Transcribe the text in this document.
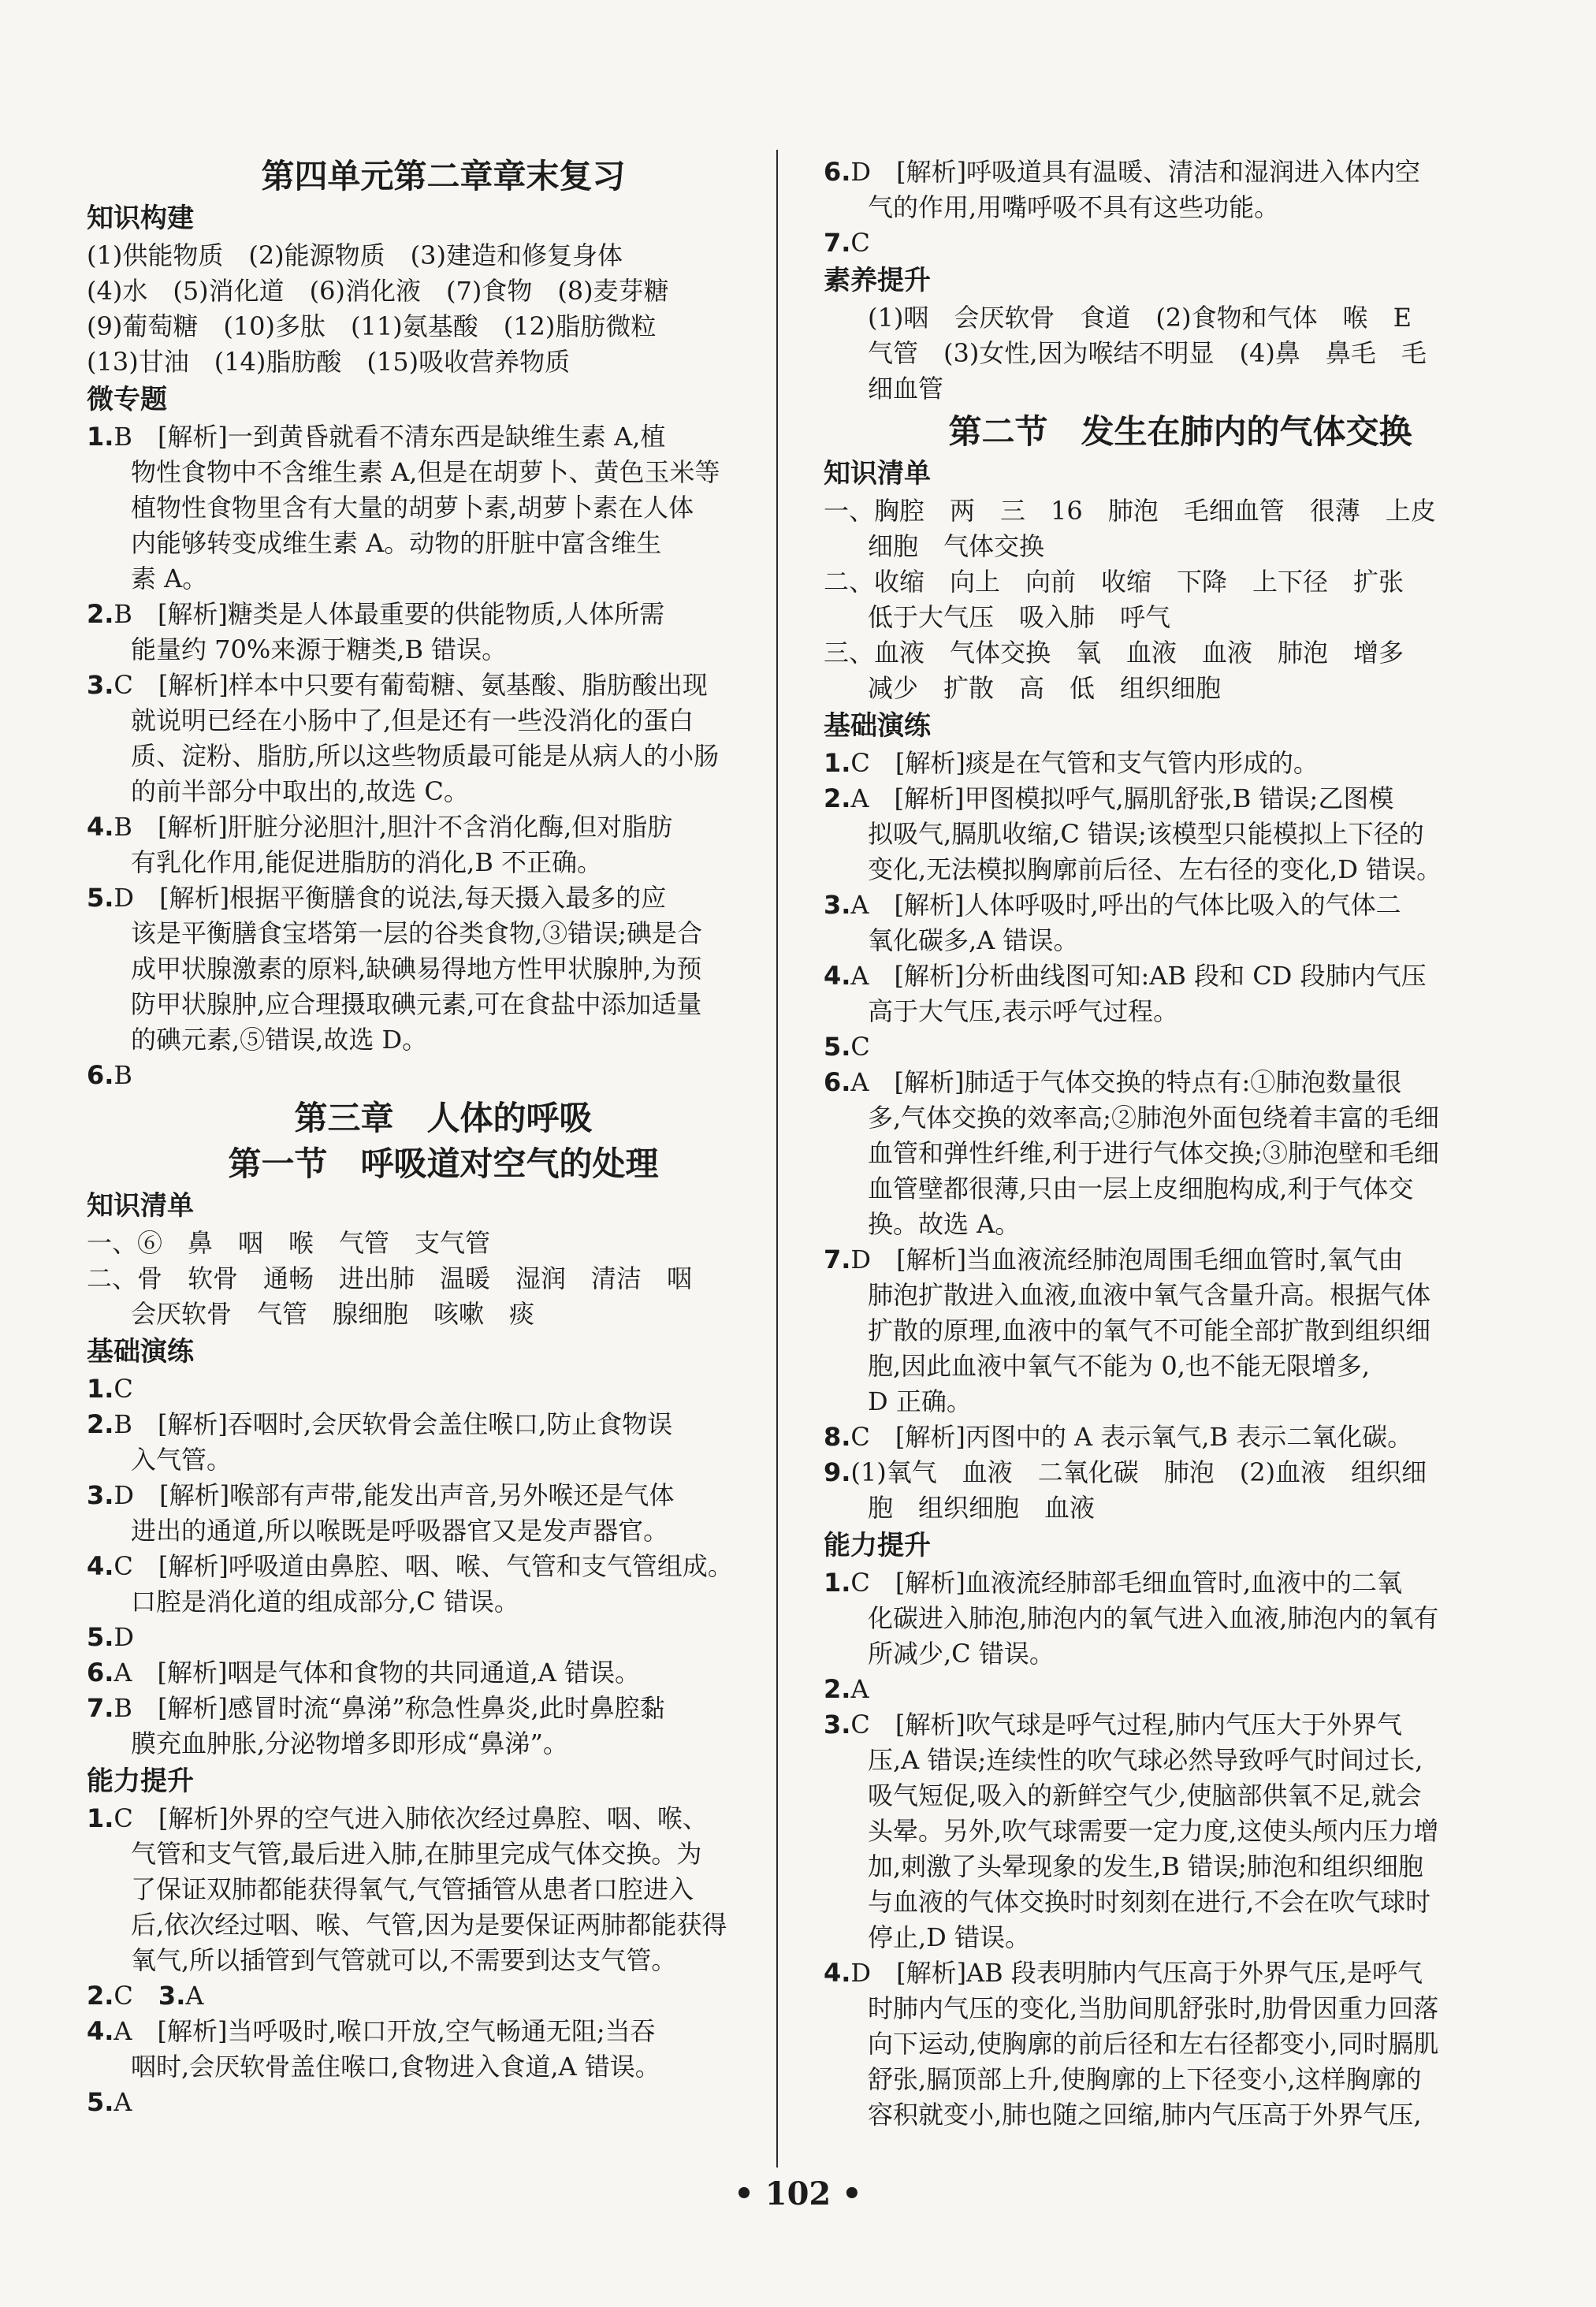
第四单元第二章章末复习
知识构建
(1)供能物质　(2)能源物质　(3)建造和修复身体
(4)水　(5)消化道　(6)消化液　(7)食物　(8)麦芽糖
(9)葡萄糖　(10)多肽　(11)氨基酸　(12)脂肪微粒
(13)甘油　(14)脂肪酸　(15)吸收营养物质
微专题
1.B　[解析]一到黄昏就看不清东西是缺维生素 A,植
物性食物中不含维生素 A,但是在胡萝卜、黄色玉米等
植物性食物里含有大量的胡萝卜素,胡萝卜素在人体
内能够转变成维生素 A。动物的肝脏中富含维生
素 A。
2.B　[解析]糖类是人体最重要的供能物质,人体所需
能量约 70%来源于糖类,B 错误。
3.C　[解析]样本中只要有葡萄糖、氨基酸、脂肪酸出现
就说明已经在小肠中了,但是还有一些没消化的蛋白
质、淀粉、脂肪,所以这些物质最可能是从病人的小肠
的前半部分中取出的,故选 C。
4.B　[解析]肝脏分泌胆汁,胆汁不含消化酶,但对脂肪
有乳化作用,能促进脂肪的消化,B 不正确。
5.D　[解析]根据平衡膳食的说法,每天摄入最多的应
该是平衡膳食宝塔第一层的谷类食物,③错误;碘是合
成甲状腺激素的原料,缺碘易得地方性甲状腺肿,为预
防甲状腺肿,应合理摄取碘元素,可在食盐中添加适量
的碘元素,⑤错误,故选 D。
6.B
第三章　人体的呼吸
第一节　呼吸道对空气的处理
知识清单
一、⑥　鼻　咽　喉　气管　支气管
二、骨　软骨　通畅　进出肺　温暖　湿润　清洁　咽
会厌软骨　气管　腺细胞　咳嗽　痰
基础演练
1.C
2.B　[解析]吞咽时,会厌软骨会盖住喉口,防止食物误
入气管。
3.D　[解析]喉部有声带,能发出声音,另外喉还是气体
进出的通道,所以喉既是呼吸器官又是发声器官。
4.C　[解析]呼吸道由鼻腔、咽、喉、气管和支气管组成。
口腔是消化道的组成部分,C 错误。
5.D
6.A　[解析]咽是气体和食物的共同通道,A 错误。
7.B　[解析]感冒时流“鼻涕”称急性鼻炎,此时鼻腔黏
膜充血肿胀,分泌物增多即形成“鼻涕”。
能力提升
1.C　[解析]外界的空气进入肺依次经过鼻腔、咽、喉、
气管和支气管,最后进入肺,在肺里完成气体交换。为
了保证双肺都能获得氧气,气管插管从患者口腔进入
后,依次经过咽、喉、气管,因为是要保证两肺都能获得
氧气,所以插管到气管就可以,不需要到达支气管。
2.C　3.A
4.A　[解析]当呼吸时,喉口开放,空气畅通无阻;当吞
咽时,会厌软骨盖住喉口,食物进入食道,A 错误。
5.A
6.D　[解析]呼吸道具有温暖、清洁和湿润进入体内空
气的作用,用嘴呼吸不具有这些功能。
7.C
素养提升
(1)咽　会厌软骨　食道　(2)食物和气体　喉　E
气管　(3)女性,因为喉结不明显　(4)鼻　鼻毛　毛
细血管
第二节　发生在肺内的气体交换
知识清单
一、胸腔　两　三　16　肺泡　毛细血管　很薄　上皮
细胞　气体交换
二、收缩　向上　向前　收缩　下降　上下径　扩张
低于大气压　吸入肺　呼气
三、血液　气体交换　氧　血液　血液　肺泡　增多
减少　扩散　高　低　组织细胞
基础演练
1.C　[解析]痰是在气管和支气管内形成的。
2.A　[解析]甲图模拟呼气,膈肌舒张,B 错误;乙图模
拟吸气,膈肌收缩,C 错误;该模型只能模拟上下径的
变化,无法模拟胸廓前后径、左右径的变化,D 错误。
3.A　[解析]人体呼吸时,呼出的气体比吸入的气体二
氧化碳多,A 错误。
4.A　[解析]分析曲线图可知:AB 段和 CD 段肺内气压
高于大气压,表示呼气过程。
5.C
6.A　[解析]肺适于气体交换的特点有:①肺泡数量很
多,气体交换的效率高;②肺泡外面包绕着丰富的毛细
血管和弹性纤维,利于进行气体交换;③肺泡壁和毛细
血管壁都很薄,只由一层上皮细胞构成,利于气体交
换。故选 A。
7.D　[解析]当血液流经肺泡周围毛细血管时,氧气由
肺泡扩散进入血液,血液中氧气含量升高。根据气体
扩散的原理,血液中的氧气不可能全部扩散到组织细
胞,因此血液中氧气不能为 0,也不能无限增多,
D 正确。
8.C　[解析]丙图中的 A 表示氧气,B 表示二氧化碳。
9.(1)氧气　血液　二氧化碳　肺泡　(2)血液　组织细
胞　组织细胞　血液
能力提升
1.C　[解析]血液流经肺部毛细血管时,血液中的二氧
化碳进入肺泡,肺泡内的氧气进入血液,肺泡内的氧有
所减少,C 错误。
2.A
3.C　[解析]吹气球是呼气过程,肺内气压大于外界气
压,A 错误;连续性的吹气球必然导致呼气时间过长,
吸气短促,吸入的新鲜空气少,使脑部供氧不足,就会
头晕。另外,吹气球需要一定力度,这使头颅内压力增
加,刺激了头晕现象的发生,B 错误;肺泡和组织细胞
与血液的气体交换时时刻刻在进行,不会在吹气球时
停止,D 错误。
4.D　[解析]AB 段表明肺内气压高于外界气压,是呼气
时肺内气压的变化,当肋间肌舒张时,肋骨因重力回落
向下运动,使胸廓的前后径和左右径都变小,同时膈肌
舒张,膈顶部上升,使胸廓的上下径变小,这样胸廓的
容积就变小,肺也随之回缩,肺内气压高于外界气压,
• 102 •
